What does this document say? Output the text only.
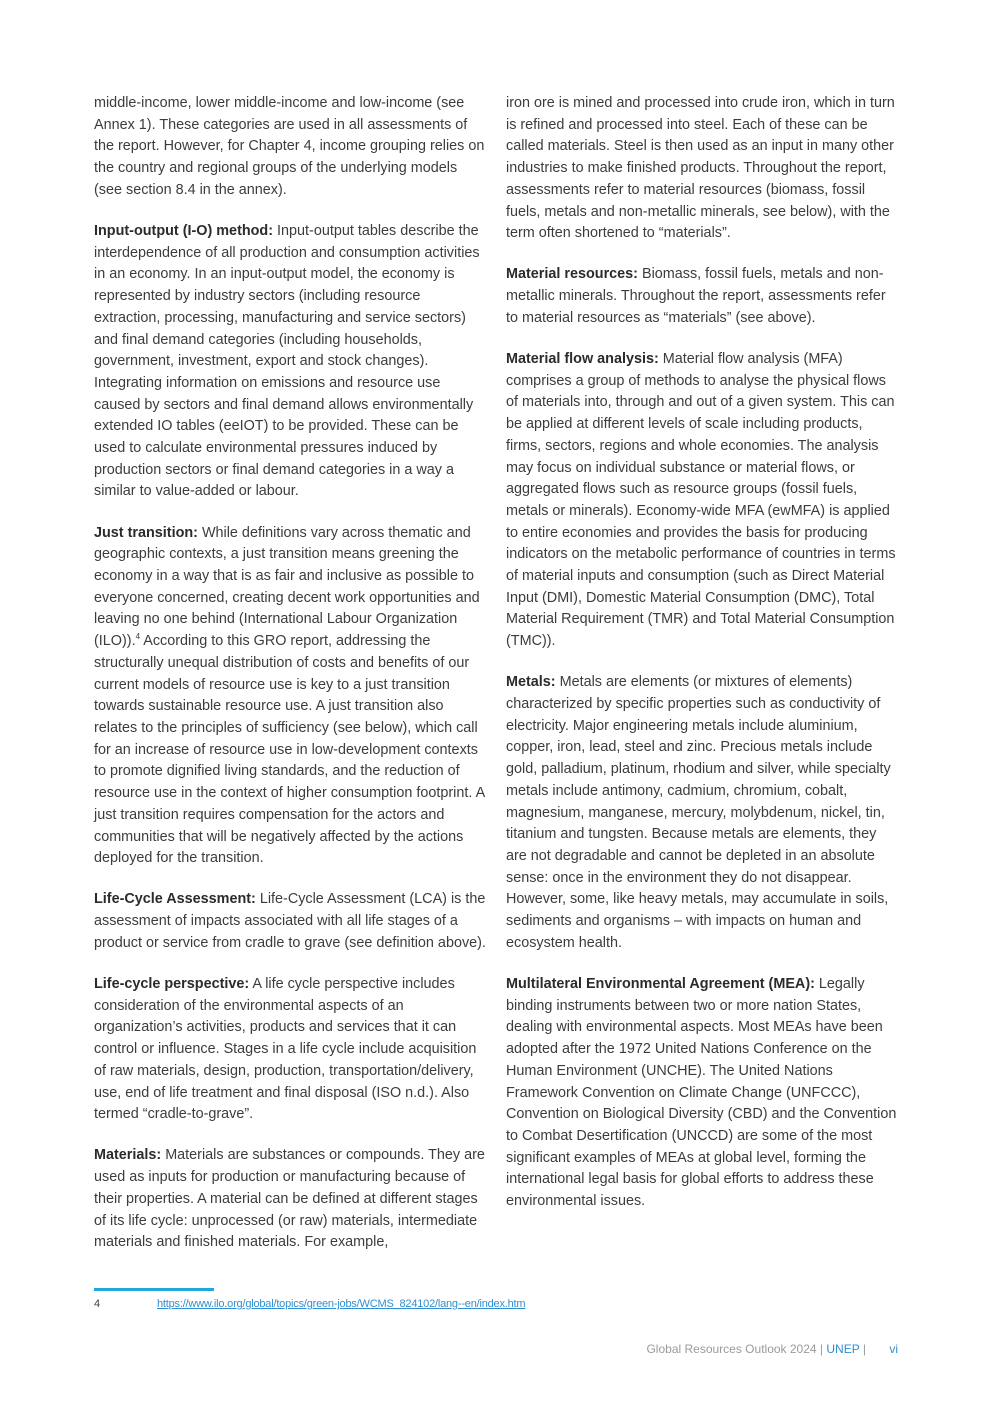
middle-income, lower middle-income and low-income (see Annex 1). These categories are used in all assessments of the report. However, for Chapter 4, income grouping relies on the country and regional groups of the underlying models (see section 8.4 in the annex).

Input-output (I-O) method: Input-output tables describe the interdependence of all production and consumption activities in an economy. In an input-output model, the economy is represented by industry sectors (including resource extraction, processing, manufacturing and service sectors) and final demand categories (including households, government, investment, export and stock changes). Integrating information on emissions and resource use caused by sectors and final demand allows environmentally extended IO tables (eeIOT) to be provided. These can be used to calculate environmental pressures induced by production sectors or final demand categories in a way a similar to value-added or labour.

Just transition: While definitions vary across thematic and geographic contexts, a just transition means greening the economy in a way that is as fair and inclusive as possible to everyone concerned, creating decent work opportunities and leaving no one behind (International Labour Organization (ILO)).$^4$ According to this GRO report, addressing the structurally unequal distribution of costs and benefits of our current models of resource use is key to a just transition towards sustainable resource use. A just transition also relates to the principles of sufficiency (see below), which call for an increase of resource use in low-development contexts to promote dignified living standards, and the reduction of resource use in the context of higher consumption footprint. A just transition requires compensation for the actors and communities that will be negatively affected by the actions deployed for the transition.

Life-Cycle Assessment: Life-Cycle Assessment (LCA) is the assessment of impacts associated with all life stages of a product or service from cradle to grave (see definition above).

Life-cycle perspective: A life cycle perspective includes consideration of the environmental aspects of an organization’s activities, products and services that it can control or influence. Stages in a life cycle include acquisition of raw materials, design, production, transportation/delivery, use, end of life treatment and final disposal (ISO n.d.). Also termed “cradle-to-grave”.

Materials: Materials are substances or compounds. They are used as inputs for production or manufacturing because of their properties. A material can be defined at different stages of its life cycle: unprocessed (or raw) materials, intermediate materials and finished materials. For example,

iron ore is mined and processed into crude iron, which in turn is refined and processed into steel. Each of these can be called materials. Steel is then used as an input in many other industries to make finished products. Throughout the report, assessments refer to material resources (biomass, fossil fuels, metals and non-metallic minerals, see below), with the term often shortened to “materials”.

Material resources: Biomass, fossil fuels, metals and non-metallic minerals. Throughout the report, assessments refer to material resources as “materials” (see above).

Material flow analysis: Material flow analysis (MFA) comprises a group of methods to analyse the physical flows of materials into, through and out of a given system. This can be applied at different levels of scale including products, firms, sectors, regions and whole economies. The analysis may focus on individual substance or material flows, or aggregated flows such as resource groups (fossil fuels, metals or minerals). Economy-wide MFA (ewMFA) is applied to entire economies and provides the basis for producing indicators on the metabolic performance of countries in terms of material inputs and consumption (such as Direct Material Input (DMI), Domestic Material Consumption (DMC), Total Material Requirement (TMR) and Total Material Consumption (TMC)).

Metals: Metals are elements (or mixtures of elements) characterized by specific properties such as conductivity of electricity. Major engineering metals include aluminium, copper, iron, lead, steel and zinc. Precious metals include gold, palladium, platinum, rhodium and silver, while specialty metals include antimony, cadmium, chromium, cobalt, magnesium, manganese, mercury, molybdenum, nickel, tin, titanium and tungsten. Because metals are elements, they are not degradable and cannot be depleted in an absolute sense: once in the environment they do not disappear. However, some, like heavy metals, may accumulate in soils, sediments and organisms – with impacts on human and ecosystem health.

Multilateral Environmental Agreement (MEA): Legally binding instruments between two or more nation States, dealing with environmental aspects. Most MEAs have been adopted after the 1972 United Nations Conference on the Human Environment (UNCHE). The United Nations Framework Convention on Climate Change (UNFCCC), Convention on Biological Diversity (CBD) and the Convention to Combat Desertification (UNCCD) are some of the most significant examples of MEAs at global level, forming the international legal basis for global efforts to address these environmental issues.

4	https://www.ilo.org/global/topics/green-jobs/WCMS_824102/lang--en/index.htm
Global Resources Outlook 2024 | UNEP | vi
